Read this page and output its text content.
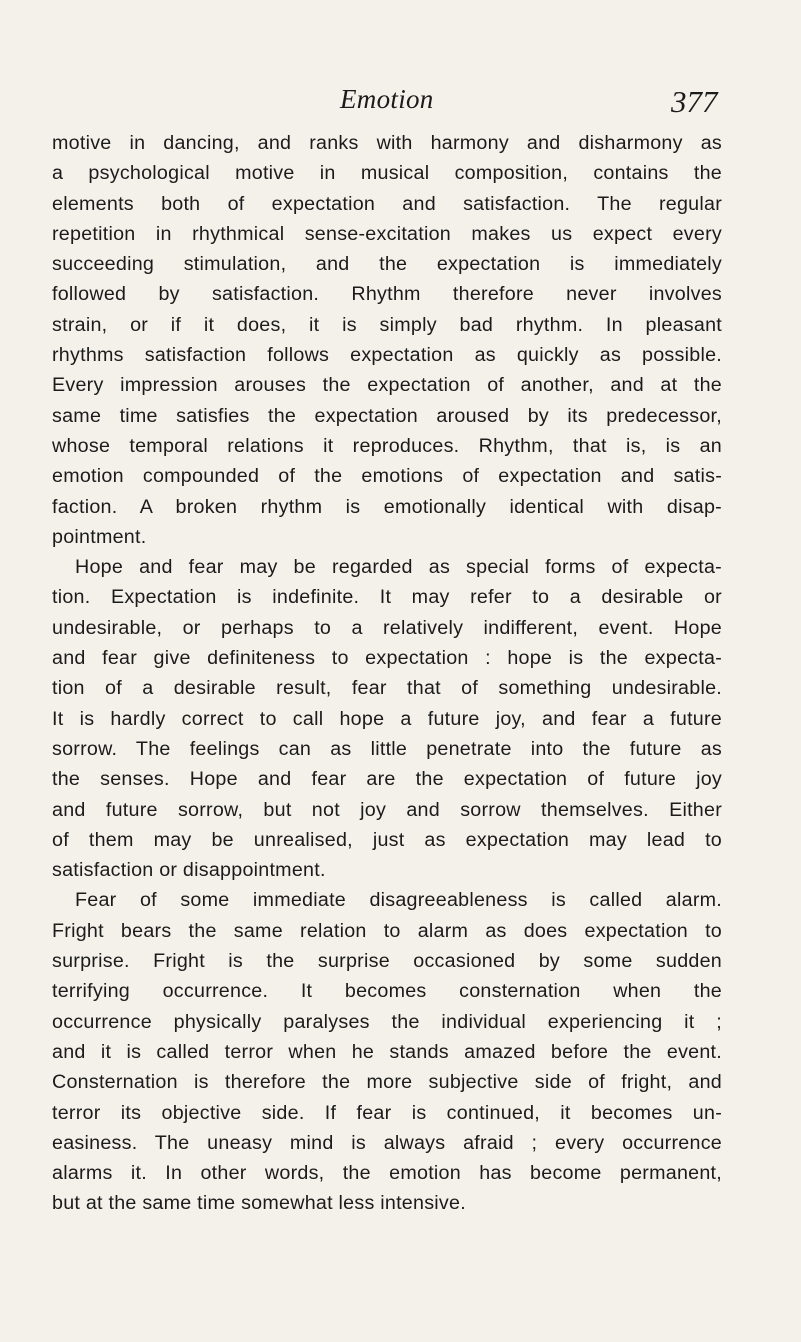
Emotion	377
motive in dancing, and ranks with harmony and disharmony as
a psychological motive in musical composition, contains the
elements both of expectation and satisfaction. The regular
repetition in rhythmical sense-excitation makes us expect every
succeeding stimulation, and the expectation is immediately
followed by satisfaction. Rhythm therefore never involves
strain, or if it does, it is simply bad rhythm. In pleasant
rhythms satisfaction follows expectation as quickly as possible.
Every impression arouses the expectation of another, and at the
same time satisfies the expectation aroused by its predecessor,
whose temporal relations it reproduces. Rhythm, that is, is an
emotion compounded of the emotions of expectation and satis-
faction. A broken rhythm is emotionally identical with disap-
pointment.
Hope and fear may be regarded as special forms of expecta-
tion. Expectation is indefinite. It may refer to a desirable or
undesirable, or perhaps to a relatively indifferent, event. Hope
and fear give definiteness to expectation : hope is the expecta-
tion of a desirable result, fear that of something undesirable.
It is hardly correct to call hope a future joy, and fear a future
sorrow. The feelings can as little penetrate into the future as
the senses. Hope and fear are the expectation of future joy
and future sorrow, but not joy and sorrow themselves. Either
of them may be unrealised, just as expectation may lead to
satisfaction or disappointment.
Fear of some immediate disagreeableness is called alarm.
Fright bears the same relation to alarm as does expectation to
surprise. Fright is the surprise occasioned by some sudden
terrifying occurrence. It becomes consternation when the
occurrence physically paralyses the individual experiencing it ;
and it is called terror when he stands amazed before the event.
Consternation is therefore the more subjective side of fright, and
terror its objective side. If fear is continued, it becomes un-
easiness. The uneasy mind is always afraid ; every occurrence
alarms it. In other words, the emotion has become permanent,
but at the same time somewhat less intensive.
